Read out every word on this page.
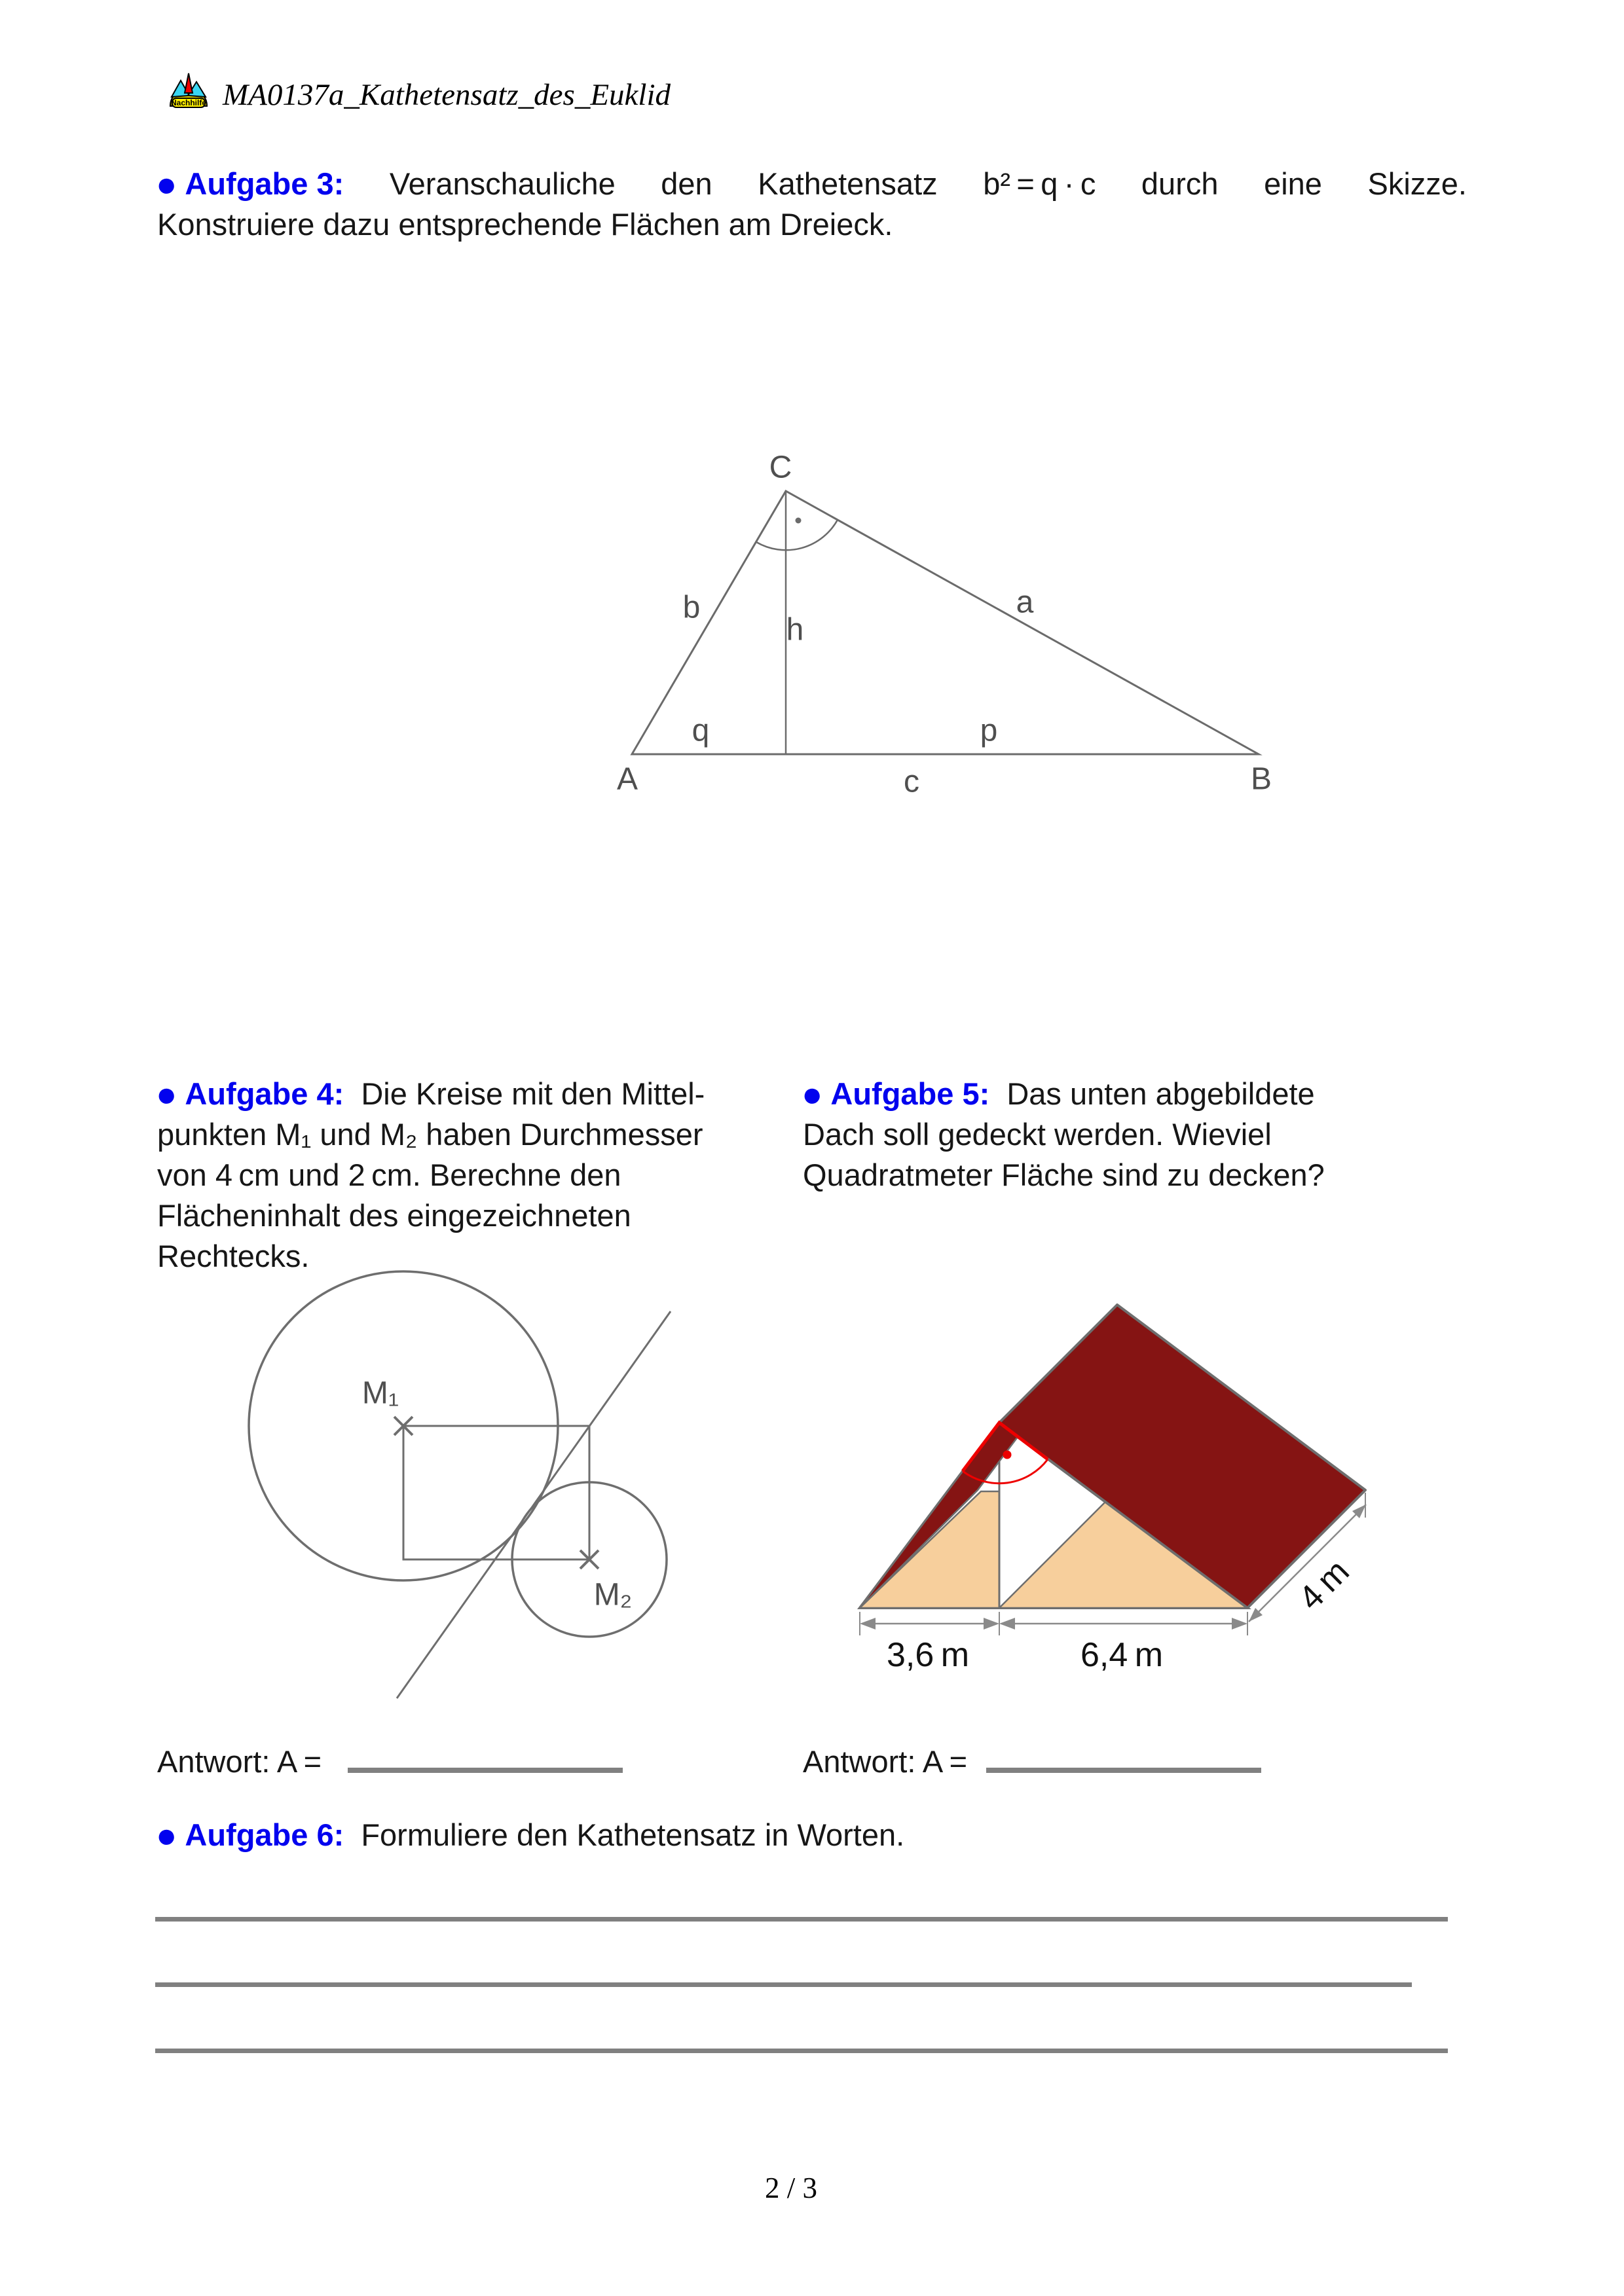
Nachhilfe MA0137a_Kathetensatz_des_Euklid
● Aufgabe 3: Veranschauliche den Kathetensatz b² = q · c durch eine Skizze.
Konstruiere dazu entsprechende Flächen am Dreieck.
C
A	B
b
h
a
q	p
c
● Aufgabe 4: Die Kreise mit den Mittel-
punkten M₁ und M₂ haben Durchmesser
von 4 cm und 2 cm. Berechne den
Flächeninhalt des eingezeichneten
Rechtecks.
● Aufgabe 5: Das unten abgebildete
Dach soll gedeckt werden. Wieviel
Quadratmeter Fläche sind zu decken?
M₁
M₂
3,6 m	6,4 m
4 m
Antwort: A =	Antwort: A =
● Aufgabe 6: Formuliere den Kathetensatz in Worten.
2 / 3
